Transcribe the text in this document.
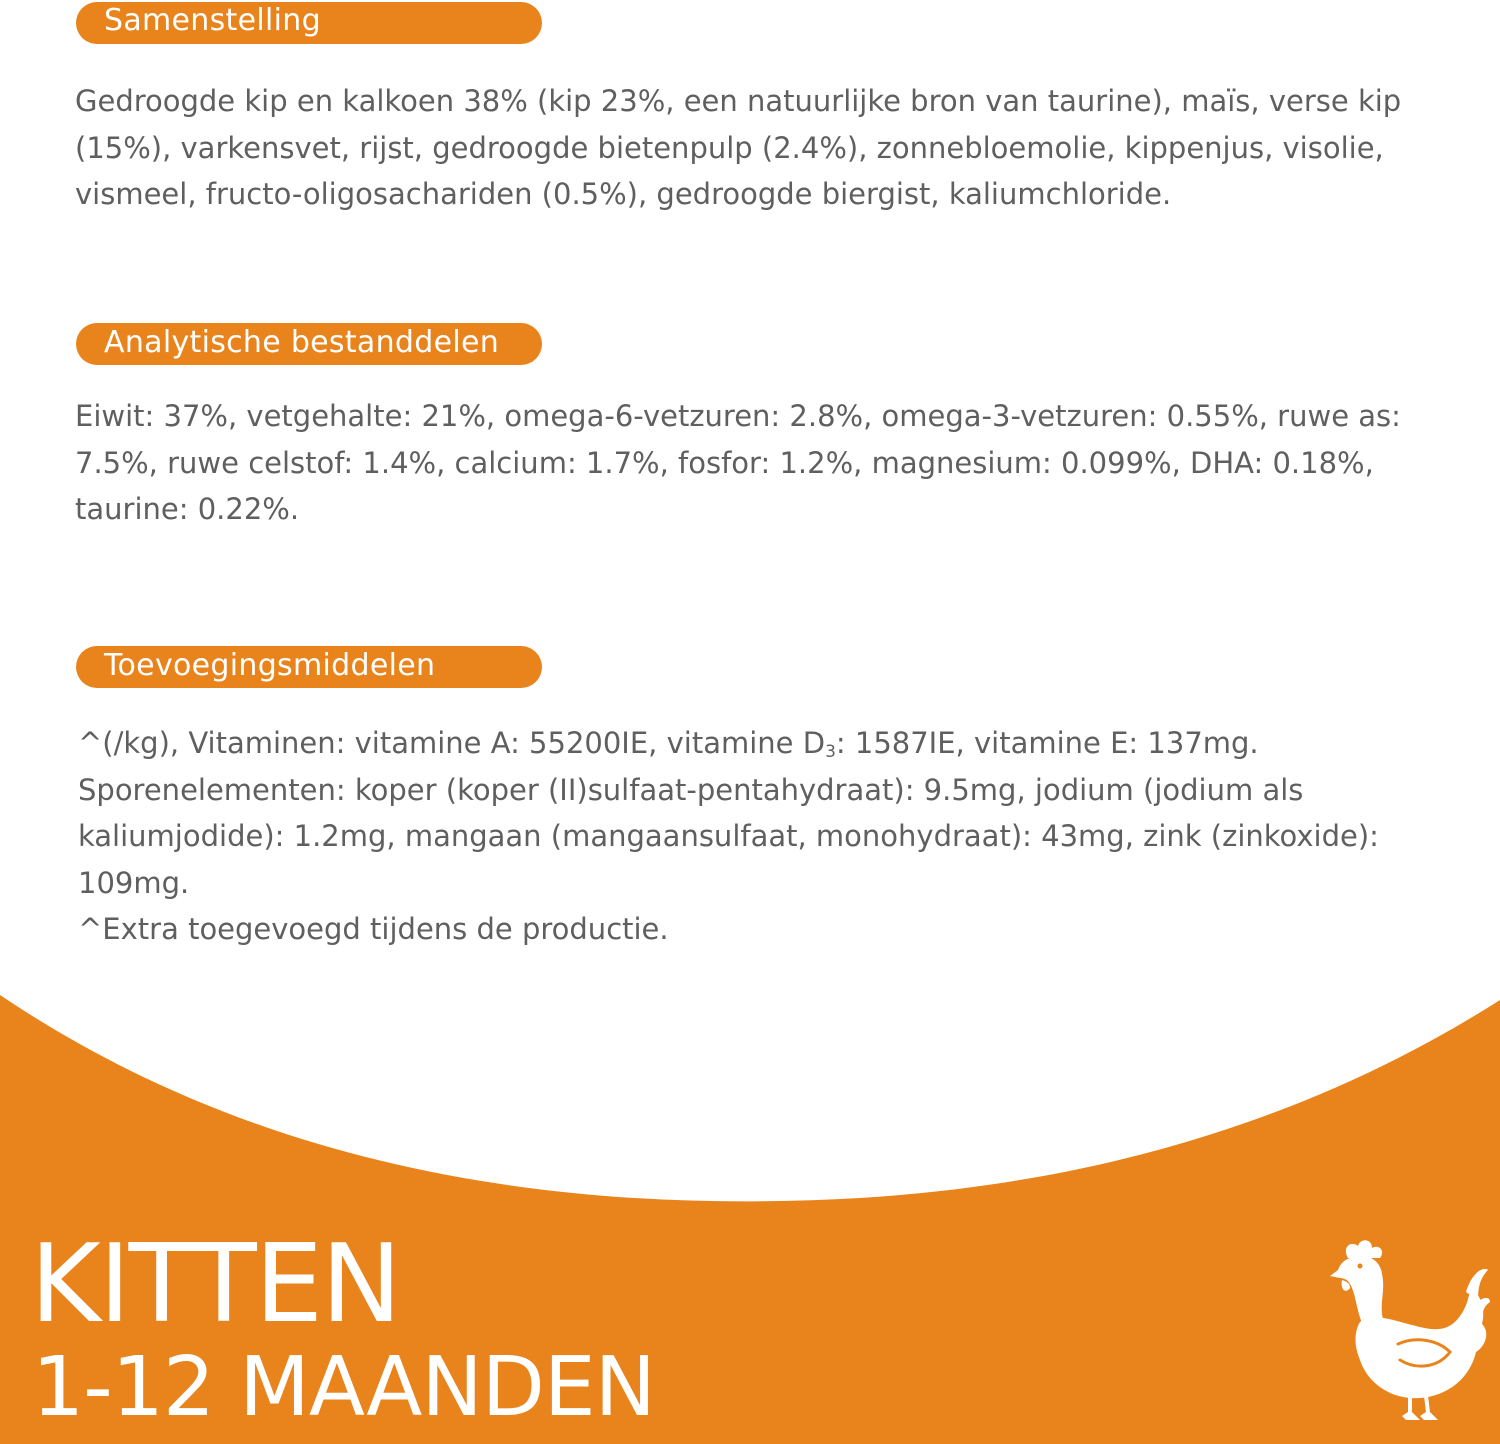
Samenstelling

Gedroogde kip en kalkoen 38% (kip 23%, een natuurlijke bron van taurine), maïs, verse kip (15%), varkensvet, rijst, gedroogde bietenpulp (2.4%), zonnebloemolie, kippenjus, visolie, vismeel, fructo-oligosachariden (0.5%), gedroogde biergist, kaliumchloride.

Analytische bestanddelen

Eiwit: 37%, vetgehalte: 21%, omega-6-vetzuren: 2.8%, omega-3-vetzuren: 0.55%, ruwe as: 7.5%, ruwe celstof: 1.4%, calcium: 1.7%, fosfor: 1.2%, magnesium: 0.099%, DHA: 0.18%, taurine: 0.22%.

Toevoegingsmiddelen

^(/kg), Vitaminen: vitamine A: 55200IE, vitamine $D_3$: 1587IE, vitamine E: 137mg.

Sporenelementen: koper (koper (II)sulfaat-pentahydraat): 9.5mg, jodium (jodium als kaliumjodide): 1.2mg, mangaan (mangaansulfaat, monohydraat): 43mg, zink (zinkoxide): 109mg.

^Extra toegevoegd tijdens de productie.

KITTEN
1-12 MAANDEN
